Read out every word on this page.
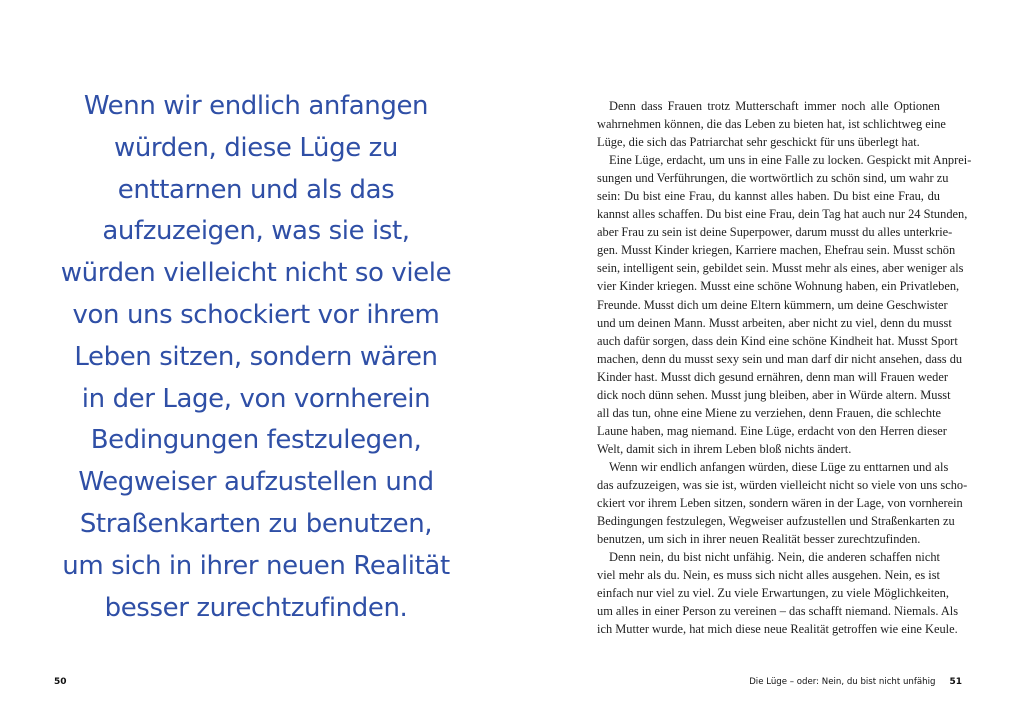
Wenn wir endlich anfangen
würden, diese Lüge zu
enttarnen und als das
aufzuzeigen, was sie ist,
würden vielleicht nicht so viele
von uns schockiert vor ihrem
Leben sitzen, sondern wären
in der Lage, von vornherein
Bedingungen festzulegen,
Wegweiser aufzustellen und
Straßenkarten zu benutzen,
um sich in ihrer neuen Realität
besser zurechtzufinden.
50
Denn dass Frauen trotz Mutterschaft immer noch alle Optionen
wahrnehmen können, die das Leben zu bieten hat, ist schlichtweg eine
Lüge, die sich das Patriarchat sehr geschickt für uns überlegt hat.
Eine Lüge, erdacht, um uns in eine Falle zu locken. Gespickt mit Anprei-
sungen und Verführungen, die wortwörtlich zu schön sind, um wahr zu
sein: Du bist eine Frau, du kannst alles haben. Du bist eine Frau, du
kannst alles schaffen. Du bist eine Frau, dein Tag hat auch nur 24 Stunden,
aber Frau zu sein ist deine Superpower, darum musst du alles unterkrie-
gen. Musst Kinder kriegen, Karriere machen, Ehefrau sein. Musst schön
sein, intelligent sein, gebildet sein. Musst mehr als eines, aber weniger als
vier Kinder kriegen. Musst eine schöne Wohnung haben, ein Privatleben,
Freunde. Musst dich um deine Eltern kümmern, um deine Geschwister
und um deinen Mann. Musst arbeiten, aber nicht zu viel, denn du musst
auch dafür sorgen, dass dein Kind eine schöne Kindheit hat. Musst Sport
machen, denn du musst sexy sein und man darf dir nicht ansehen, dass du
Kinder hast. Musst dich gesund ernähren, denn man will Frauen weder
dick noch dünn sehen. Musst jung bleiben, aber in Würde altern. Musst
all das tun, ohne eine Miene zu verziehen, denn Frauen, die schlechte
Laune haben, mag niemand. Eine Lüge, erdacht von den Herren dieser
Welt, damit sich in ihrem Leben bloß nichts ändert.
Wenn wir endlich anfangen würden, diese Lüge zu enttarnen und als
das aufzuzeigen, was sie ist, würden vielleicht nicht so viele von uns scho-
ckiert vor ihrem Leben sitzen, sondern wären in der Lage, von vornherein
Bedingungen festzulegen, Wegweiser aufzustellen und Straßenkarten zu
benutzen, um sich in ihrer neuen Realität besser zurechtzufinden.
Denn nein, du bist nicht unfähig. Nein, die anderen schaffen nicht
viel mehr als du. Nein, es muss sich nicht alles ausgehen. Nein, es ist
einfach nur viel zu viel. Zu viele Erwartungen, zu viele Möglichkeiten,
um alles in einer Person zu vereinen – das schafft niemand. Niemals. Als
ich Mutter wurde, hat mich diese neue Realität getroffen wie eine Keule.
Die Lüge – oder: Nein, du bist nicht unfähig 51
